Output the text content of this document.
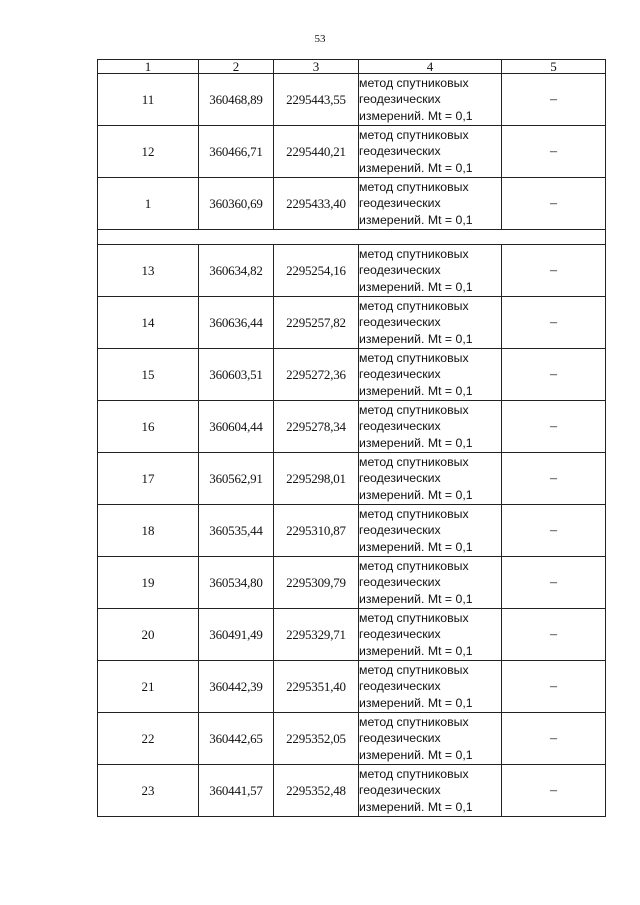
53
1	2	3	4	5
11	360468,89	2295443,55	метод спутниковых
геодезических
измерений. Mt = 0,1	–
12	360466,71	2295440,21	метод спутниковых
геодезических
измерений. Mt = 0,1	–
1	360360,69	2295433,40	метод спутниковых
геодезических
измерений. Mt = 0,1	–

13	360634,82	2295254,16	метод спутниковых
геодезических
измерений. Mt = 0,1	–
14	360636,44	2295257,82	метод спутниковых
геодезических
измерений. Mt = 0,1	–
15	360603,51	2295272,36	метод спутниковых
геодезических
измерений. Mt = 0,1	–
16	360604,44	2295278,34	метод спутниковых
геодезических
измерений. Mt = 0,1	–
17	360562,91	2295298,01	метод спутниковых
геодезических
измерений. Mt = 0,1	–
18	360535,44	2295310,87	метод спутниковых
геодезических
измерений. Mt = 0,1	–
19	360534,80	2295309,79	метод спутниковых
геодезических
измерений. Mt = 0,1	–
20	360491,49	2295329,71	метод спутниковых
геодезических
измерений. Mt = 0,1	–
21	360442,39	2295351,40	метод спутниковых
геодезических
измерений. Mt = 0,1	–
22	360442,65	2295352,05	метод спутниковых
геодезических
измерений. Mt = 0,1	–
23	360441,57	2295352,48	метод спутниковых
геодезических
измерений. Mt = 0,1	–
